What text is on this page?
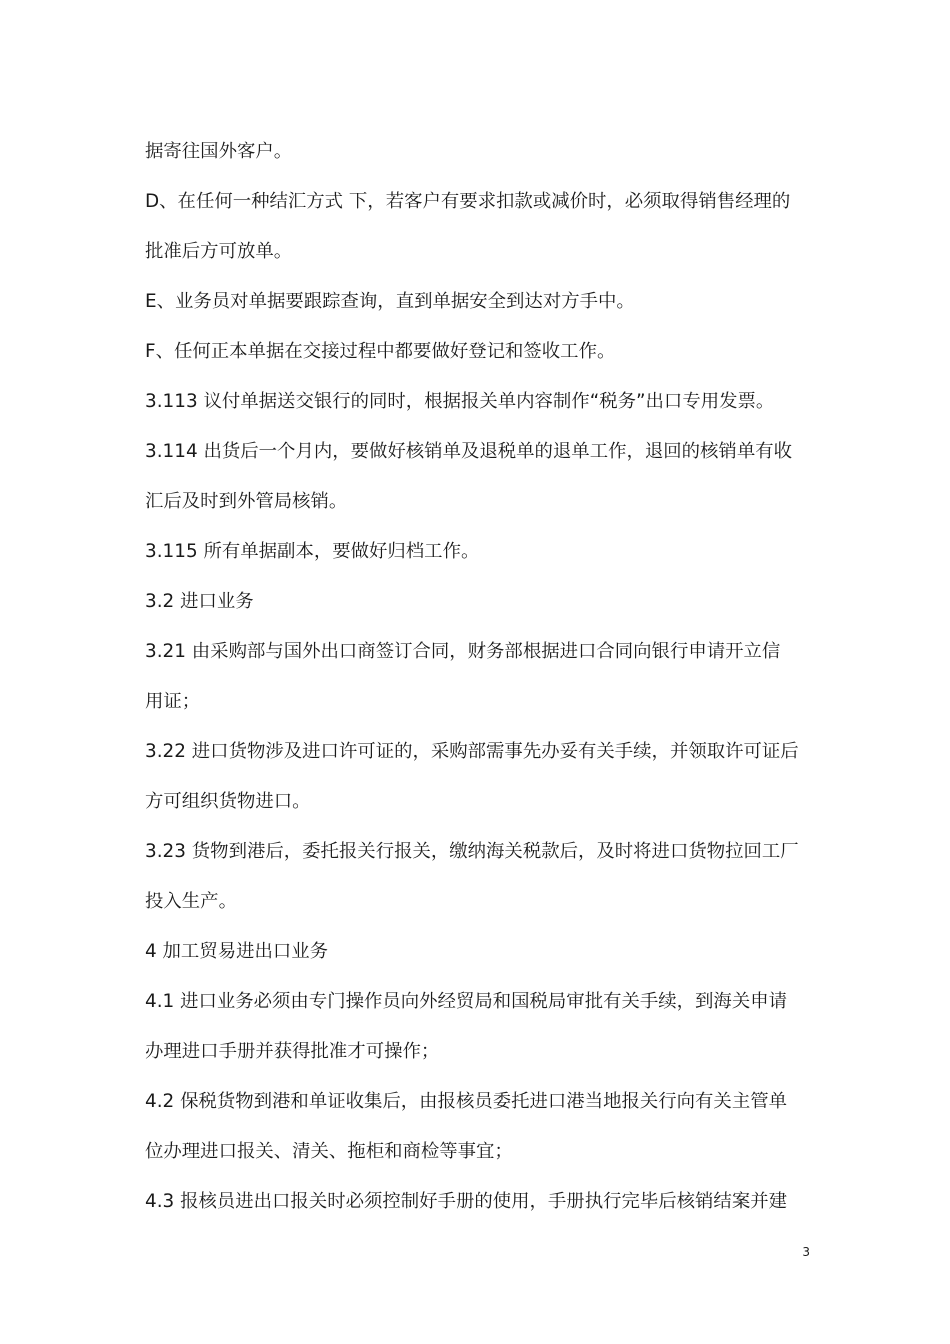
据寄往国外客户。
D、在任何一种结汇方式 下，若客户有要求扣款或减价时，必须取得销售经理的
批准后方可放单。
E、业务员对单据要跟踪查询，直到单据安全到达对方手中。
F、任何正本单据在交接过程中都要做好登记和签收工作。
3.113 议付单据送交银行的同时，根据报关单内容制作“税务”出口专用发票。
3.114 出货后一个月内，要做好核销单及退税单的退单工作，退回的核销单有收
汇后及时到外管局核销。
3.115 所有单据副本，要做好归档工作。
3.2 进口业务
3.21 由采购部与国外出口商签订合同，财务部根据进口合同向银行申请开立信
用证；
3.22 进口货物涉及进口许可证的，采购部需事先办妥有关手续，并领取许可证后
方可组织货物进口。
3.23 货物到港后，委托报关行报关，缴纳海关税款后，及时将进口货物拉回工厂
投入生产。
4 加工贸易进出口业务
4.1 进口业务必须由专门操作员向外经贸局和国税局审批有关手续，到海关申请
办理进口手册并获得批准才可操作；
4.2 保税货物到港和单证收集后，由报核员委托进口港当地报关行向有关主管单
位办理进口报关、清关、拖柜和商检等事宜；
4.3 报核员进出口报关时必须控制好手册的使用，手册执行完毕后核销结案并建
3
